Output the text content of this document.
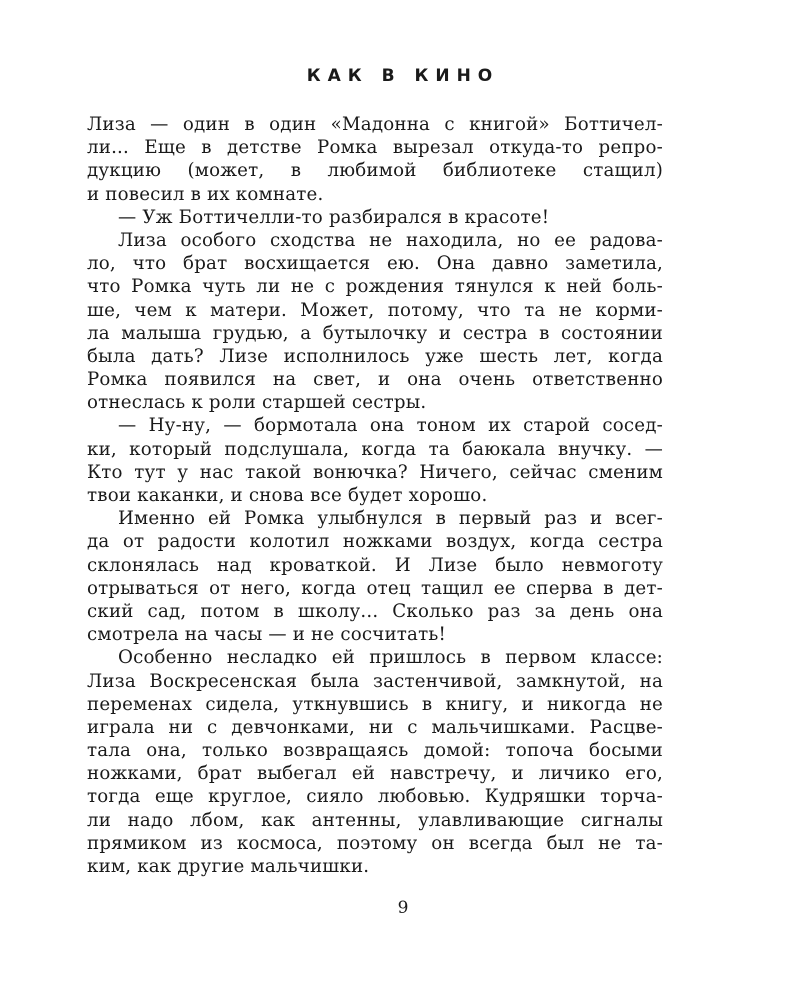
КАК В КИНО
Лиза — один в один «Мадонна с книгой» Боттичел-
ли... Еще в детстве Ромка вырезал откуда-то репро-
дукцию (может, в любимой библиотеке стащил)
и повесил в их комнате.
— Уж Боттичелли-то разбирался в красоте!
Лиза особого сходства не находила, но ее радова-
ло, что брат восхищается ею. Она давно заметила,
что Ромка чуть ли не с рождения тянулся к ней боль-
ше, чем к матери. Может, потому, что та не корми-
ла малыша грудью, а бутылочку и сестра в состоянии
была дать? Лизе исполнилось уже шесть лет, когда
Ромка появился на свет, и она очень ответственно
отнеслась к роли старшей сестры.
— Ну-ну, — бормотала она тоном их старой сосед-
ки, который подслушала, когда та баюкала внучку. —
Кто тут у нас такой вонючка? Ничего, сейчас сменим
твои каканки, и снова все будет хорошо.
Именно ей Ромка улыбнулся в первый раз и всег-
да от радости колотил ножками воздух, когда сестра
склонялась над кроваткой. И Лизе было невмоготу
отрываться от него, когда отец тащил ее сперва в дет-
ский сад, потом в школу... Сколько раз за день она
смотрела на часы — и не сосчитать!
Особенно несладко ей пришлось в первом классе:
Лиза Воскресенская была застенчивой, замкнутой, на
переменах сидела, уткнувшись в книгу, и никогда не
играла ни с девчонками, ни с мальчишками. Расцве-
тала она, только возвращаясь домой: топоча босыми
ножками, брат выбегал ей навстречу, и личико его,
тогда еще круглое, сияло любовью. Кудряшки торча-
ли надо лбом, как антенны, улавливающие сигналы
прямиком из космоса, поэтому он всегда был не та-
ким, как другие мальчишки.
9
